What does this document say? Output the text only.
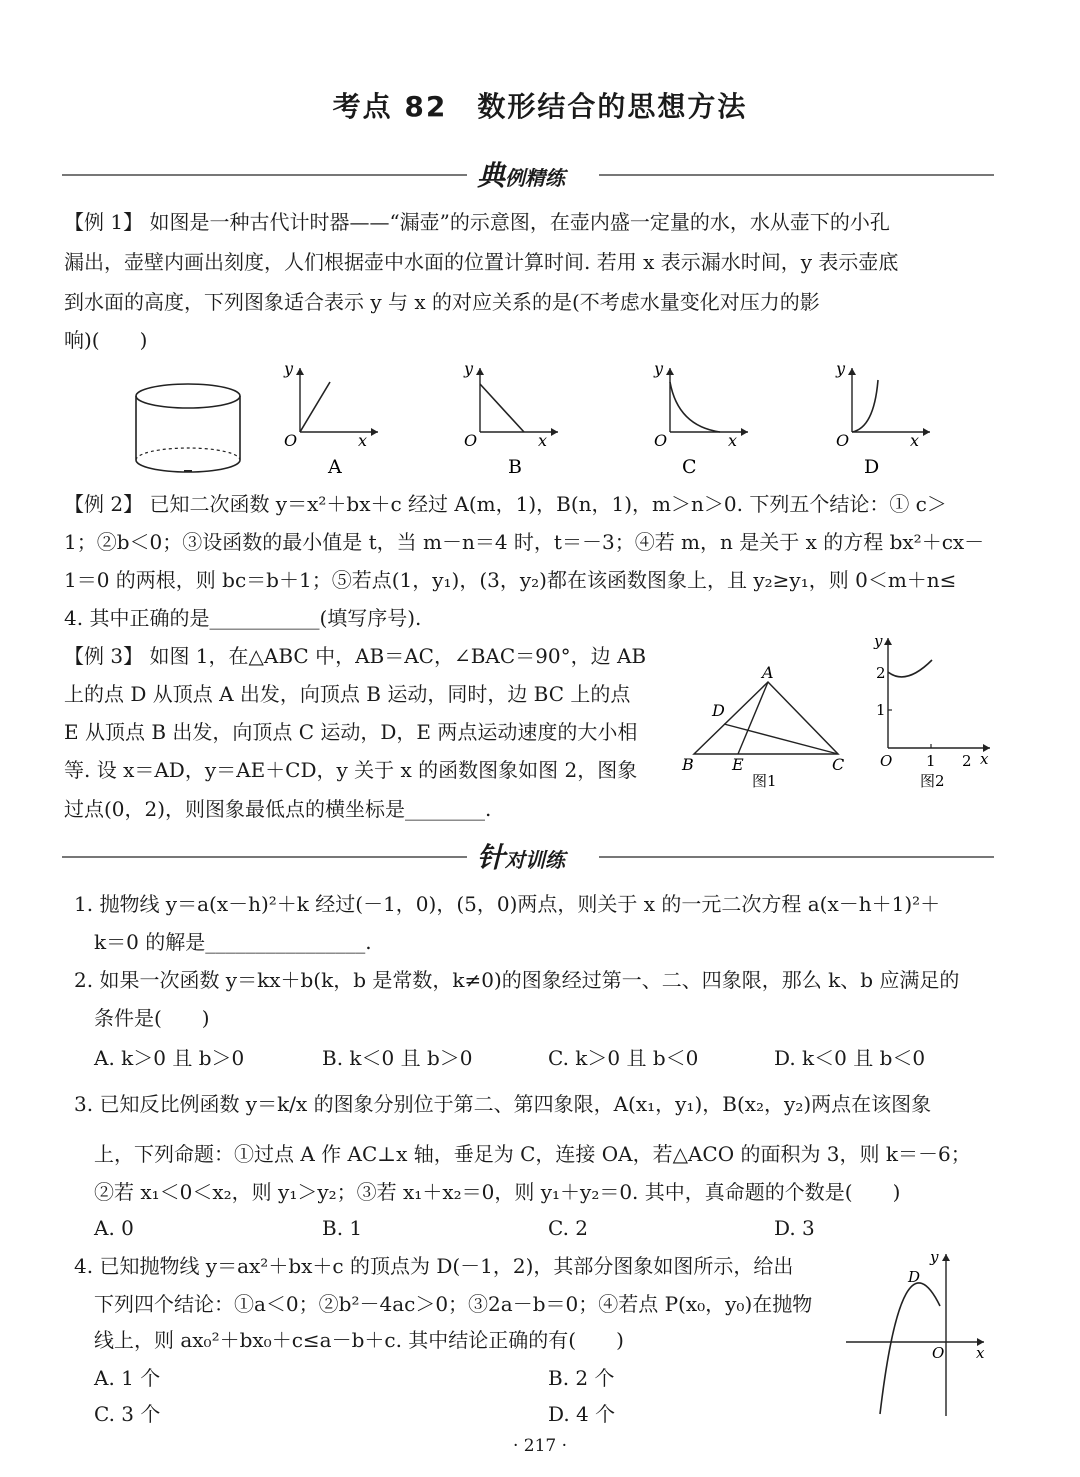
考点 82　数形结合的思想方法
典例精练
【例 1】 如图是一种古代计时器——“漏壶”的示意图，在壶内盛一定量的水，水从壶下的小孔
漏出，壶壁内画出刻度，人们根据壶中水面的位置计算时间. 若用 x 表示漏水时间，y 表示壶底
到水面的高度，下列图象适合表示 y 与 x 的对应关系的是(不考虑水量变化对压力的影
响)(　　)
y
O	x
A
y
O	x
B
y
O	x
C
y
O	x
D
【例 2】 已知二次函数 y＝x²＋bx＋c 经过 A(m，1)，B(n，1)，m＞n＞0. 下列五个结论：① c＞
1；②b＜0；③设函数的最小值是 t，当 m－n＝4 时，t＝－3；④若 m，n 是关于 x 的方程 bx²＋cx－
1＝0 的两根，则 bc＝b＋1；⑤若点(1，y₁)，(3，y₂)都在该函数图象上，且 y₂≥y₁，则 0＜m＋n≤
4. 其中正确的是___________(填写序号).
【例 3】 如图 1，在△ABC 中，AB＝AC，∠BAC＝90°，边 AB
上的点 D 从顶点 A 出发，向顶点 B 运动，同时，边 BC 上的点
E 从顶点 B 出发，向顶点 C 运动，D，E 两点运动速度的大小相
等. 设 x＝AD，y＝AE＋CD，y 关于 x 的函数图象如图 2，图象
过点(0，2)，则图象最低点的横坐标是________.
A
D
B E	C
图1
y
2
1
O 1 2 x
图2
针对训练
1. 抛物线 y＝a(x－h)²＋k 经过(－1，0)，(5，0)两点，则关于 x 的一元二次方程 a(x－h＋1)²＋
k＝0 的解是________________.
2. 如果一次函数 y＝kx＋b(k，b 是常数，k≠0)的图象经过第一、二、四象限，那么 k、b 应满足的
条件是(　　)
A. k＞0 且 b＞0	B. k＜0 且 b＞0	C. k＞0 且 b＜0	D. k＜0 且 b＜0
3. 已知反比例函数 y＝k/x 的图象分别位于第二、第四象限，A(x₁，y₁)，B(x₂，y₂)两点在该图象
上，下列命题：①过点 A 作 AC⊥x 轴，垂足为 C，连接 OA，若△ACO 的面积为 3，则 k＝－6；
②若 x₁＜0＜x₂，则 y₁＞y₂；③若 x₁＋x₂＝0，则 y₁＋y₂＝0. 其中，真命题的个数是(　　)
A. 0	B. 1	C. 2	D. 3
4. 已知抛物线 y＝ax²＋bx＋c 的顶点为 D(－1，2)，其部分图象如图所示，给出
下列四个结论：①a＜0；②b²－4ac＞0；③2a－b＝0；④若点 P(x₀，y₀)在抛物
线上，则 ax₀²＋bx₀＋c≤a－b＋c. 其中结论正确的有(　　)
A. 1 个	B. 2 个
C. 3 个	D. 4 个
D
y
O x
· 217 ·
